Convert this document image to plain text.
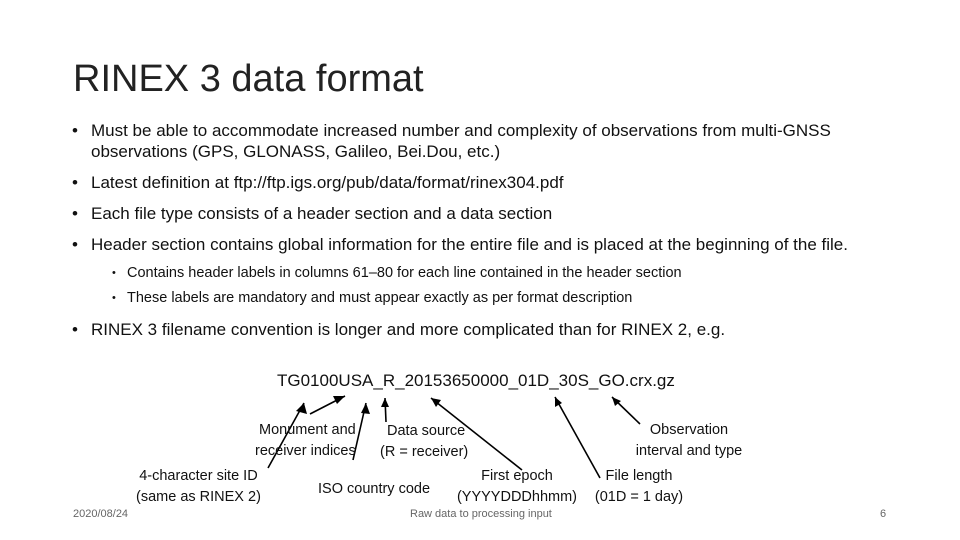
RINEX 3 data format
• Must be able to accommodate increased number and complexity of observations from multi-GNSS observations (GPS, GLONASS, Galileo, Bei.Dou, etc.)
• Latest definition at ftp://ftp.igs.org/pub/data/format/rinex304.pdf
• Each file type consists of a header section and a data section
• Header section contains global information for the entire file and is placed at the beginning of the file.
• Contains header labels in columns 61–80 for each line contained in the header section
• These labels are mandatory and must appear exactly as per format description
• RINEX 3 filename convention is longer and more complicated than for RINEX 2, e.g.
TG0100USA_R_20153650000_01D_30S_GO.crx.gz
Monument and
receiver indices
Data source
(R = receiver)
4-character site ID
(same as RINEX 2)	ISO country code
First epoch
(YYYYDDDhhmm)
File length
(01D = 1 day)
Observation
interval and type
2020/08/24	Raw data to processing input	6
